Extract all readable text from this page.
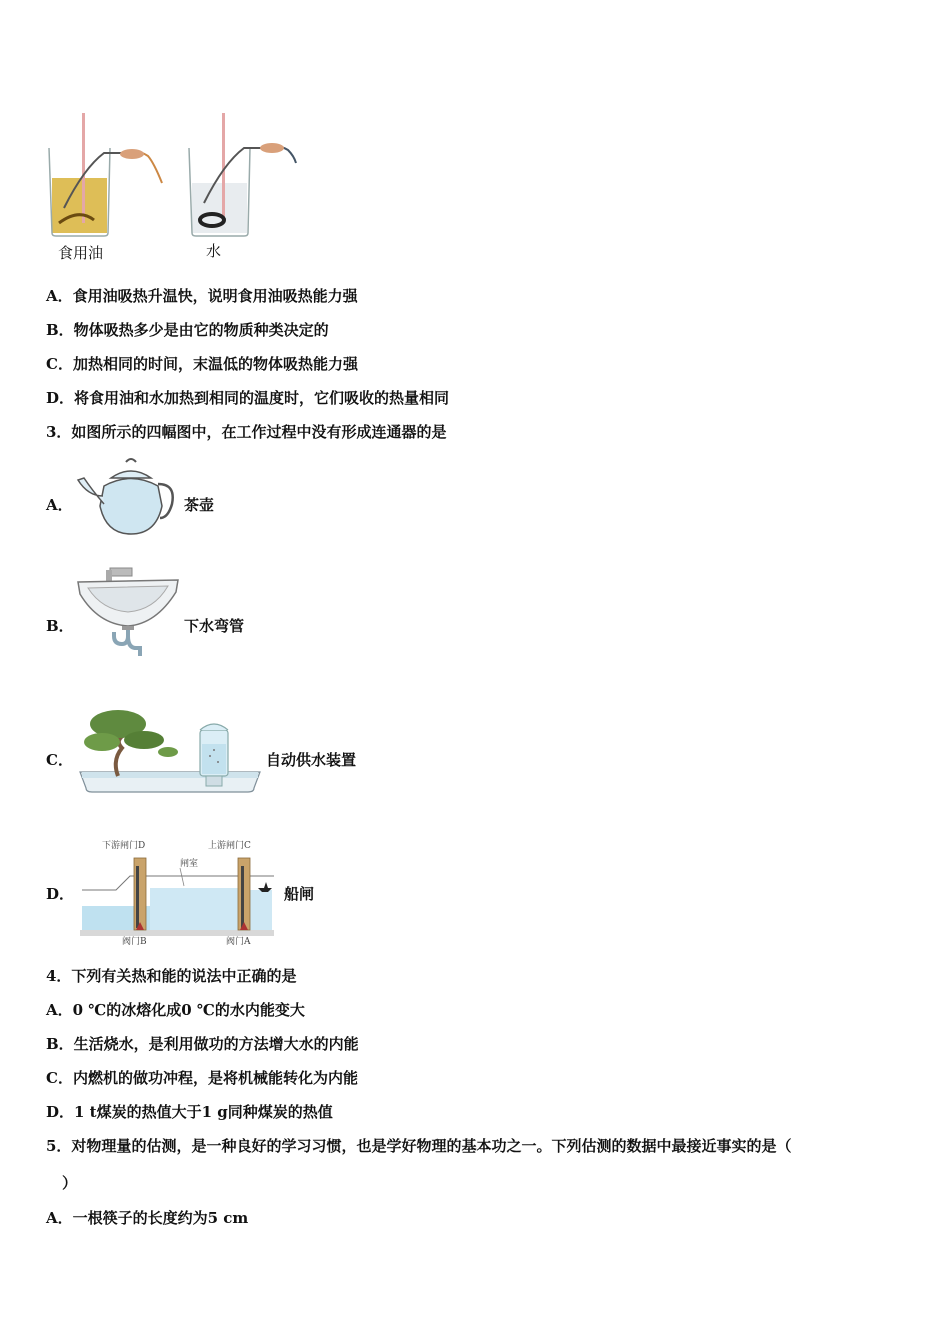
食用油	水
A．食用油吸热升温快，说明食用油吸热能力强
B．物体吸热多少是由它的物质种类决定的
C．加热相同的时间，末温低的物体吸热能力强
D．将食用油和水加热到相同的温度时，它们吸收的热量相同
3．如图所示的四幅图中，在工作过程中没有形成连通器的是
A．	茶壶
B．	下水弯管
C．	自动供水装置
D．
下游闸门D	上游闸门C
闸室
阀门B	阀门A
船闸
4．下列有关热和能的说法中正确的是
A．0 ℃的冰熔化成0 ℃的水内能变大
B．生活烧水，是利用做功的方法增大水的内能
C．内燃机的做功冲程，是将机械能转化为内能
D．1 t煤炭的热值大于1 g同种煤炭的热值
5．对物理量的估测，是一种良好的学习习惯，也是学好物理的基本功之一。下列估测的数据中最接近事实的是（
）
A．一根筷子的长度约为5 cm
